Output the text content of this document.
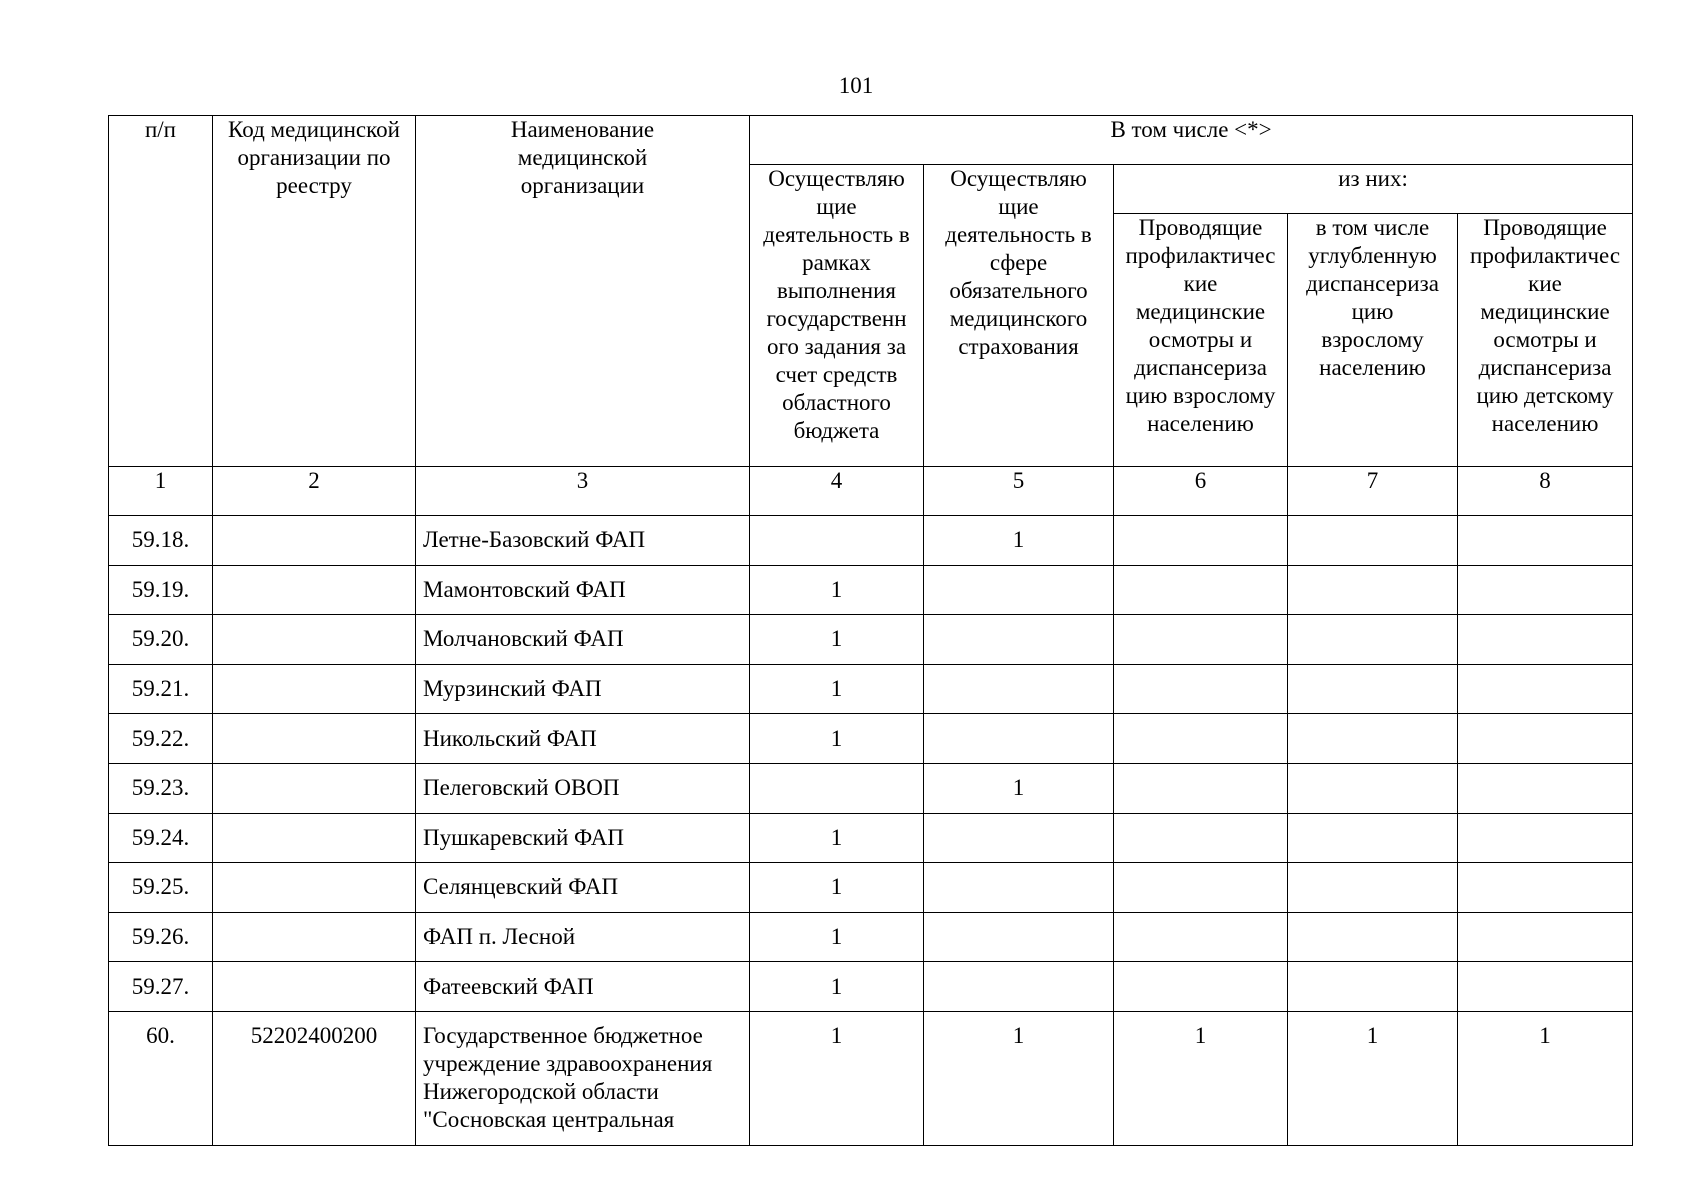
101
п/п	Код медицинской организации по реестру	Наименование медицинской организации	В том числе <*>				

			Осуществляю щие деятельность в рамках выполнения государственн ого задания за счет средств областного бюджета	Осуществляю щие деятельность в сфере обязательного медицинского страхования	из них:		

					Проводящие профилактичес кие медицинские осмотры и диспансериза цию взрослому населению	в том числе углубленную диспансериза цию взрослому населению	Проводящие профилактичес кие медицинские осмотры и диспансериза цию детскому населению

1	2	3	4	5	6	7	8
59.18.		Летне-Базовский ФАП		1			
59.19.		Мамонтовский ФАП	1				
59.20.		Молчановский ФАП	1				
59.21.		Мурзинский ФАП	1				
59.22.		Никольский ФАП	1				
59.23.		Пелеговский ОВОП		1			
59.24.		Пушкаревский ФАП	1				
59.25.		Селянцевский ФАП	1				
59.26.		ФАП п. Лесной	1				
59.27.		Фатеевский ФАП	1				
60.	52202400200	Государственное бюджетное учреждение здравоохранения Нижегородской области "Сосновская центральная	1	1	1	1	1
